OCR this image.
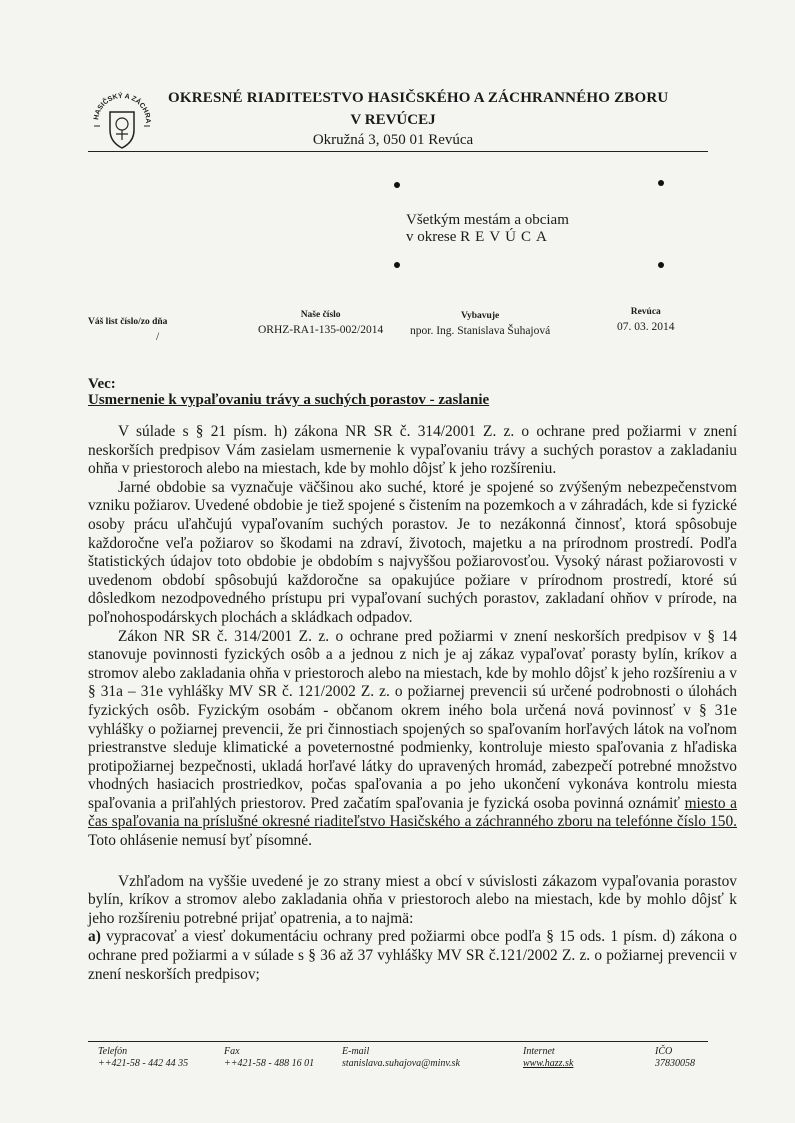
HASIČSKÝ A ZÁCHRA
OKRESNÉ RIADITEĽSTVO HASIČSKÉHO A ZÁCHRANNÉHO ZBORU
V REVÚCEJ
Okružná 3, 050 01 Revúca
Všetkým mestám a obciam
v okrese REVÚCA
Váš list číslo/zo dňa
/
Naše číslo
ORHZ-RA1-135-002/2014
Vybavuje
npor. Ing. Stanislava Šuhajová
Revúca
07. 03. 2014
Vec:
Usmernenie k vypaľovaniu trávy a suchých porastov - zaslanie

V súlade s § 21 písm. h) zákona NR SR č. 314/2001 Z. z. o ochrane pred požiarmi v znení neskorších predpisov Vám zasielam usmernenie k vypaľovaniu trávy a suchých porastov a zakladaniu ohňa v priestoroch alebo na miestach, kde by mohlo dôjsť k jeho rozšíreniu.

Jarné obdobie sa vyznačuje väčšinou ako suché, ktoré je spojené so zvýšeným nebezpečenstvom vzniku požiarov. Uvedené obdobie je tiež spojené s čistením na pozemkoch a v záhradách, kde si fyzické osoby prácu uľahčujú vypaľovaním suchých porastov. Je to nezákonná činnosť, ktorá spôsobuje každoročne veľa požiarov so škodami na zdraví, životoch, majetku a na prírodnom prostredí. Podľa štatistických údajov toto obdobie je obdobím s najvyššou požiarovosťou. Vysoký nárast požiarovosti v uvedenom období spôsobujú každoročne sa opakujúce požiare v prírodnom prostredí, ktoré sú dôsledkom nezodpovedného prístupu pri vypaľovaní suchých porastov, zakladaní ohňov v prírode, na poľnohospodárskych plochách a skládkach odpadov.

Zákon NR SR č. 314/2001 Z. z. o ochrane pred požiarmi v znení neskorších predpisov v § 14 stanovuje povinnosti fyzických osôb a a jednou z nich je aj zákaz vypaľovať porasty bylín, kríkov a stromov alebo zakladania ohňa v priestoroch alebo na miestach, kde by mohlo dôjsť k jeho rozšíreniu a v § 31a – 31e vyhlášky MV SR č. 121/2002 Z. z. o požiarnej prevencii sú určené podrobnosti o úlohách fyzických osôb. Fyzickým osobám - občanom okrem iného bola určená nová povinnosť v § 31e vyhlášky o požiarnej prevencii, že pri činnostiach spojených so spaľovaním horľavých látok na voľnom priestranstve sleduje klimatické a poveternostné podmienky, kontroluje miesto spaľovania z hľadiska protipožiarnej bezpečnosti, ukladá horľavé látky do upravených hromád, zabezpečí potrebné množstvo vhodných hasiacich prostriedkov, počas spaľovania a po jeho ukončení vykonáva kontrolu miesta spaľovania a priľahlých priestorov. Pred začatím spaľovania je fyzická osoba povinná oznámiť miesto a čas spaľovania na príslušné okresné riaditeľstvo Hasičského a záchranného zboru na telefónne číslo 150. Toto ohlásenie nemusí byť písomné.

Vzhľadom na vyššie uvedené je zo strany miest a obcí v súvislosti zákazom vypaľovania porastov bylín, kríkov a stromov alebo zakladania ohňa v priestoroch alebo na miestach, kde by mohlo dôjsť k jeho rozšíreniu potrebné prijať opatrenia, a to najmä:

a) vypracovať a viesť dokumentáciu ochrany pred požiarmi obce podľa § 15 ods. 1 písm. d) zákona o ochrane pred požiarmi a v súlade s § 36 až 37 vyhlášky MV SR č.121/2002 Z. z. o požiarnej prevencii v znení neskorších predpisov;

Telefón
++421-58 - 442 44 35
Fax
++421-58 - 488 16 01
E-mail
stanislava.suhajova@minv.sk
Internet
www.hazz.sk
IČO
37830058
